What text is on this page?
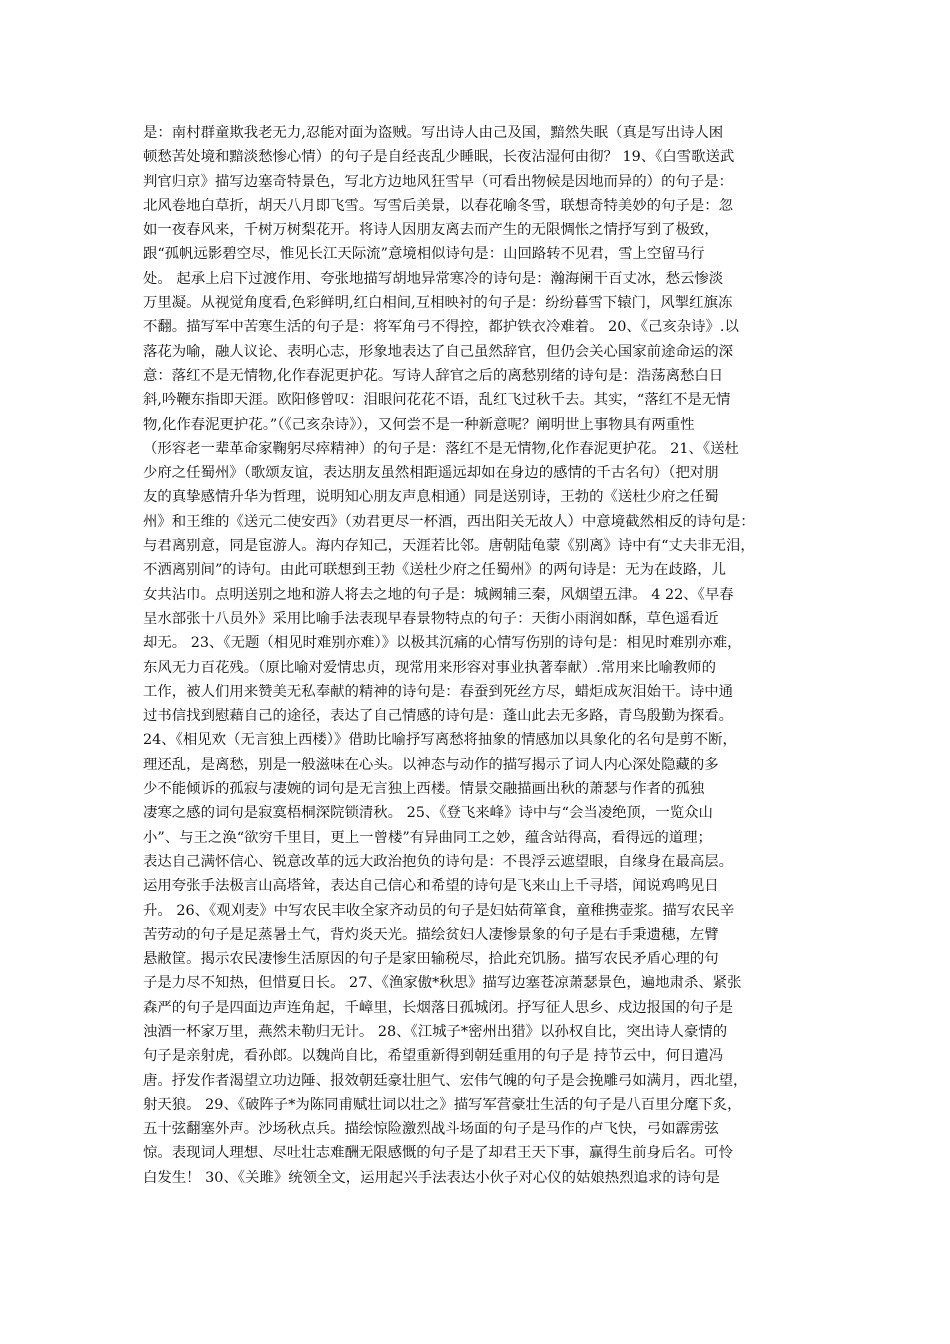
是：南村群童欺我老无力,忍能对面为盗贼。写出诗人由己及国，黯然失眠（真是写出诗人困
顿愁苦处境和黯淡愁惨心情）的句子是自经丧乱少睡眠，长夜沾湿何由彻？ 19、《白雪歌送武
判官归京》描写边塞奇特景色，写北方边地风狂雪早（可看出物候是因地而异的）的句子是：
北风卷地白草折，胡天八月即飞雪。写雪后美景，以春花喻冬雪，联想奇特美妙的句子是：忽
如一夜春风来，千树万树梨花开。将诗人因朋友离去而产生的无限惆怅之情抒写到了极致，
跟“孤帆远影碧空尽，惟见长江天际流”意境相似诗句是：山回路转不见君，雪上空留马行
处。 起承上启下过渡作用、夸张地描写胡地异常寒冷的诗句是：瀚海阑干百丈冰，愁云惨淡
万里凝。从视觉角度看,色彩鲜明,红白相间,互相映衬的句子是：纷纷暮雪下辕门，风掣红旗冻
不翻。描写军中苦寒生活的句子是：将军角弓不得控，都护铁衣冷难着。 20、《己亥杂诗》.以
落花为喻，融人议论、表明心志，形象地表达了自己虽然辞官，但仍会关心国家前途命运的深
意：落红不是无情物,化作春泥更护花。写诗人辞官之后的离愁别绪的诗句是：浩荡离愁白日
斜,吟鞭东指即天涯。欧阳修曾叹：泪眼问花花不语，乱红飞过秋千去。其实，“落红不是无情
物,化作春泥更护花。”（《己亥杂诗》），又何尝不是一种新意呢？阐明世上事物具有两重性
（形容老一辈革命家鞠躬尽瘁精神）的句子是：落红不是无情物,化作春泥更护花。 21、《送杜
少府之任蜀州》（歌颂友谊，表达朋友虽然相距遥远却如在身边的感情的千古名句）（把对朋
友的真挚感情升华为哲理，说明知心朋友声息相通）同是送别诗，王勃的《送杜少府之任蜀
州》和王维的《送元二使安西》（劝君更尽一杯酒，西出阳关无故人）中意境截然相反的诗句是：
与君离别意，同是宦游人。海内存知己，天涯若比邻。唐朝陆龟蒙《别离》诗中有“丈夫非无泪，
不洒离别间”的诗句。由此可联想到王勃《送杜少府之任蜀州》的两句诗是：无为在歧路，儿
女共沾巾。点明送别之地和游人将去之地的句子是：城阙辅三秦，风烟望五津。 4 22、《早春
呈水部张十八员外》采用比喻手法表现早春景物特点的句子：天街小雨润如酥，草色遥看近
却无。 23、《无题（相见时难别亦难）》以极其沉痛的心情写伤别的诗句是：相见时难别亦难，
东风无力百花残。（原比喻对爱情忠贞，现常用来形容对事业执著奉献）.常用来比喻教师的
工作，被人们用来赞美无私奉献的精神的诗句是：春蚕到死丝方尽，蜡炬成灰泪始干。诗中通
过书信找到慰藉自己的途径，表达了自己情感的诗句是：蓬山此去无多路，青鸟殷勤为探看。
24、《相见欢（无言独上西楼）》借助比喻抒写离愁将抽象的情感加以具象化的名句是剪不断，
理还乱，是离愁，别是一般滋味在心头。以神态与动作的描写揭示了词人内心深处隐藏的多
少不能倾诉的孤寂与凄婉的词句是无言独上西楼。情景交融描画出秋的萧瑟与作者的孤独
凄寒之感的词句是寂寞梧桐深院锁清秋。 25、《登飞来峰》诗中与“会当凌绝顶，一览众山
小”、与王之涣“欲穷千里目，更上一曾楼”有异曲同工之妙，蕴含站得高，看得远的道理；
表达自己满怀信心、锐意改革的远大政治抱负的诗句是：不畏浮云遮望眼，自缘身在最高层。
运用夸张手法极言山高塔耸，表达自己信心和希望的诗句是飞来山上千寻塔，闻说鸡鸣见日
升。 26、《观刈麦》中写农民丰收全家齐动员的句子是妇姑荷箪食，童稚携壶浆。描写农民辛
苦劳动的句子是足蒸暑土气，背灼炎天光。描绘贫妇人凄惨景象的句子是右手秉遗穗，左臂
悬敝筐。揭示农民凄惨生活原因的句子是家田输税尽，拾此充饥肠。描写农民矛盾心理的句
子是力尽不知热，但惜夏日长。 27、《渔家傲*秋思》描写边塞苍凉萧瑟景色，遍地肃杀、紧张
森严的句子是四面边声连角起，千嶂里，长烟落日孤城闭。抒写征人思乡、戍边报国的句子是
浊酒一杯家万里，燕然未勒归无计。 28、《江城子*密州出猎》以孙权自比，突出诗人豪情的
句子是亲射虎，看孙郎。以魏尚自比，希望重新得到朝廷重用的句子是 持节云中，何日遣冯
唐。抒发作者渴望立功边陲、报效朝廷豪壮胆气、宏伟气魄的句子是会挽雕弓如满月，西北望，
射天狼。 29、《破阵子*为陈同甫赋壮词以壮之》描写军营豪壮生活的句子是八百里分麾下炙，
五十弦翻塞外声。沙场秋点兵。描绘惊险激烈战斗场面的句子是马作的卢飞快，弓如霹雳弦
惊。表现词人理想、尽吐壮志难酬无限感慨的句子是了却君王天下事，赢得生前身后名。可怜
白发生！ 30、《关雎》统领全文，运用起兴手法表达小伙子对心仪的姑娘热烈追求的诗句是
